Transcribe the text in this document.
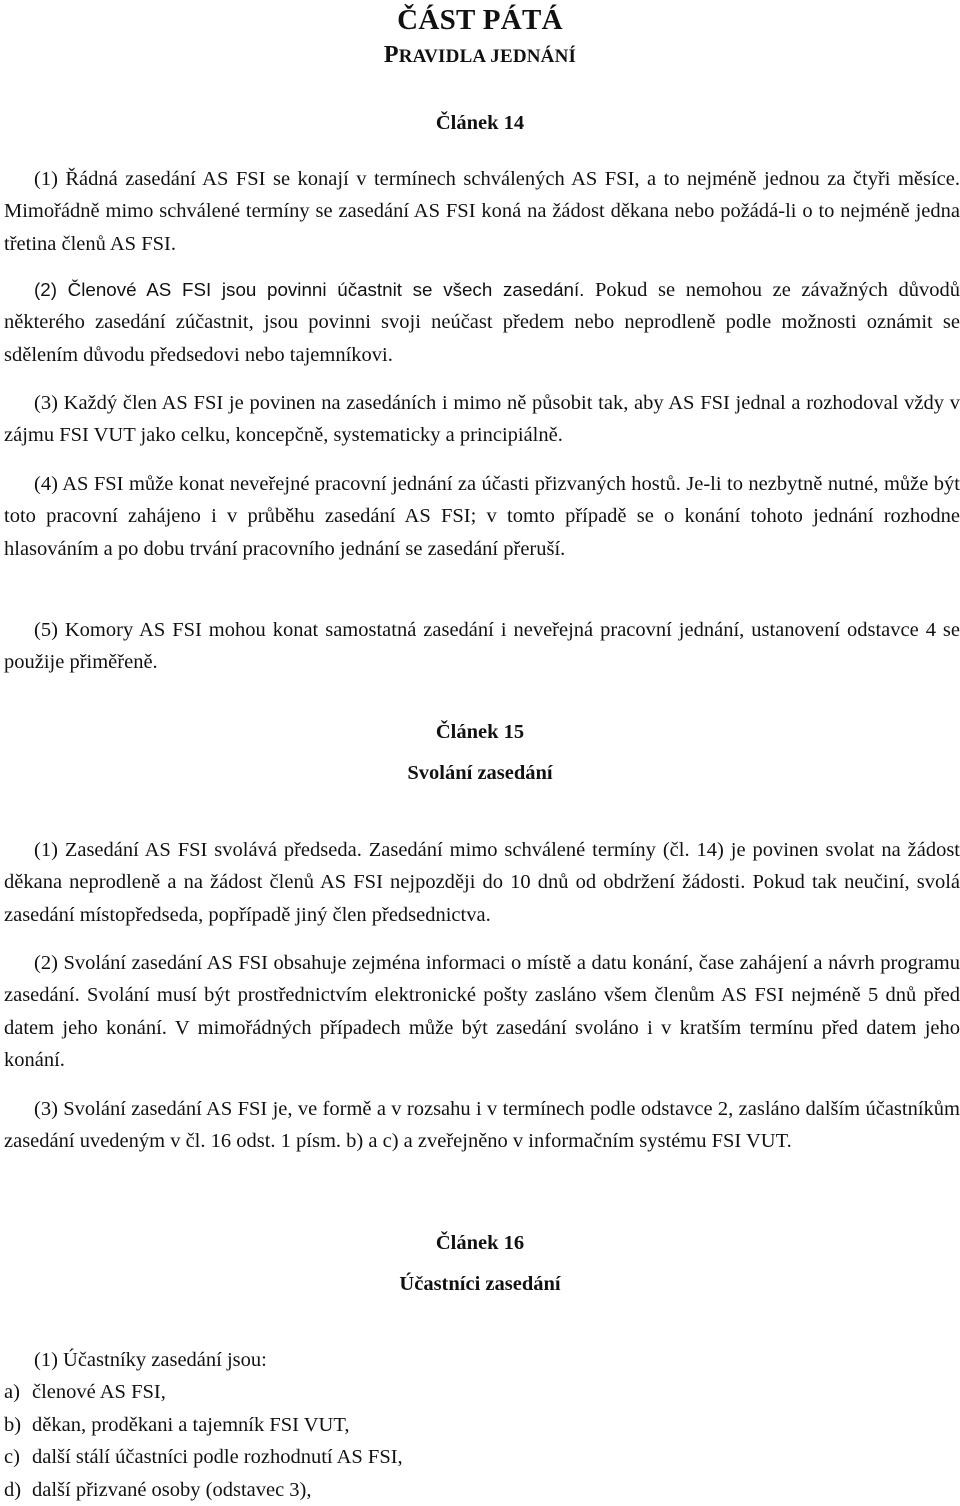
ČÁST PÁTÁ
PRAVIDLA JEDNÁNÍ
Článek 14

(1) Řádná zasedání AS FSI se konají v termínech schválených AS FSI, a to nejméně jednou za čtyři měsíce. Mimořádně mimo schválené termíny se zasedání AS FSI koná na žádost děkana nebo požádá-li o to nejméně jedna třetina členů AS FSI.

(2) Členové AS FSI jsou povinni účastnit se všech zasedání. Pokud se nemohou ze závažných důvodů některého zasedání zúčastnit, jsou povinni svoji neúčast předem nebo neprodleně podle možnosti oznámit se sdělením důvodu předsedovi nebo tajemníkovi.

(3) Každý člen AS FSI je povinen na zasedáních i mimo ně působit tak, aby AS FSI jednal a rozhodoval vždy v zájmu FSI VUT jako celku, koncepčně, systematicky a principiálně.

(4) AS FSI může konat neveřejné pracovní jednání za účasti přizvaných hostů. Je-li to nezbytně nutné, může být toto pracovní zahájeno i v průběhu zasedání AS FSI; v tomto případě se o konání tohoto jednání rozhodne hlasováním a po dobu trvání pracovního jednání se zasedání přeruší.

(5) Komory AS FSI mohou konat samostatná zasedání i neveřejná pracovní jednání, ustanovení odstavce 4 se použije přiměřeně.

Článek 15
Svolání zasedání

(1) Zasedání AS FSI svolává předseda. Zasedání mimo schválené termíny (čl. 14) je povinen svolat na žádost děkana neprodleně a na žádost členů AS FSI nejpozději do 10 dnů od obdržení žádosti. Pokud tak neučiní, svolá zasedání místopředseda, popřípadě jiný člen předsednictva.

(2) Svolání zasedání AS FSI obsahuje zejména informaci o místě a datu konání, čase zahájení a návrh programu zasedání. Svolání musí být prostřednictvím elektronické pošty zasláno všem členům AS FSI nejméně 5 dnů před datem jeho konání. V mimořádných případech může být zasedání svoláno i v kratším termínu před datem jeho konání.

(3) Svolání zasedání AS FSI je, ve formě a v rozsahu i v termínech podle odstavce 2, zasláno dalším účastníkům zasedání uvedeným v čl. 16 odst. 1 písm. b) a c) a zveřejněno v informačním systému FSI VUT.

Článek 16
Účastníci zasedání

(1) Účastníky zasedání jsou:

a) členové AS FSI,

b) děkan, proděkani a tajemník FSI VUT,

c) další stálí účastníci podle rozhodnutí AS FSI,

d) další přizvané osoby (odstavec 3),
